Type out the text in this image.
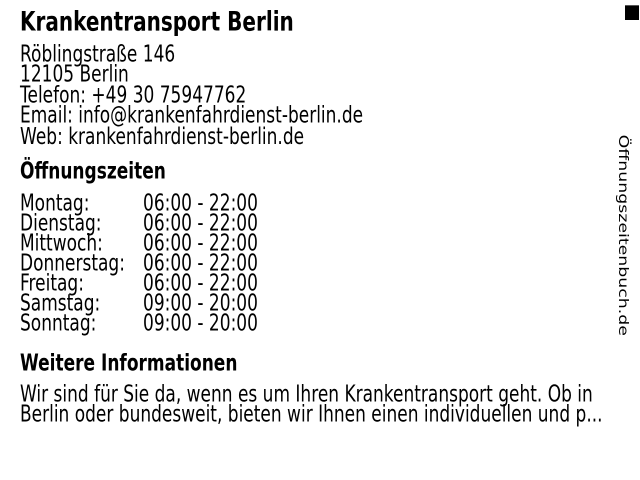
Krankentransport Berlin
Röblingstraße 146
12105 Berlin
Telefon: +49 30 75947762
Email: info@krankenfahrdienst-berlin.de
Web: krankenfahrdienst-berlin.de
Öffnungszeiten
Montag:	06:00 - 22:00
Dienstag:	06:00 - 22:00
Mittwoch:	06:00 - 22:00
Donnerstag:	06:00 - 22:00
Freitag:	06:00 - 22:00
Samstag:	09:00 - 20:00
Sonntag:	09:00 - 20:00
Weitere Informationen
Wir sind für Sie da, wenn es um Ihren Krankentransport geht. Ob in
Berlin oder bundesweit, bieten wir Ihnen einen individuellen und p...
Öffnungszeitenbuch.de
